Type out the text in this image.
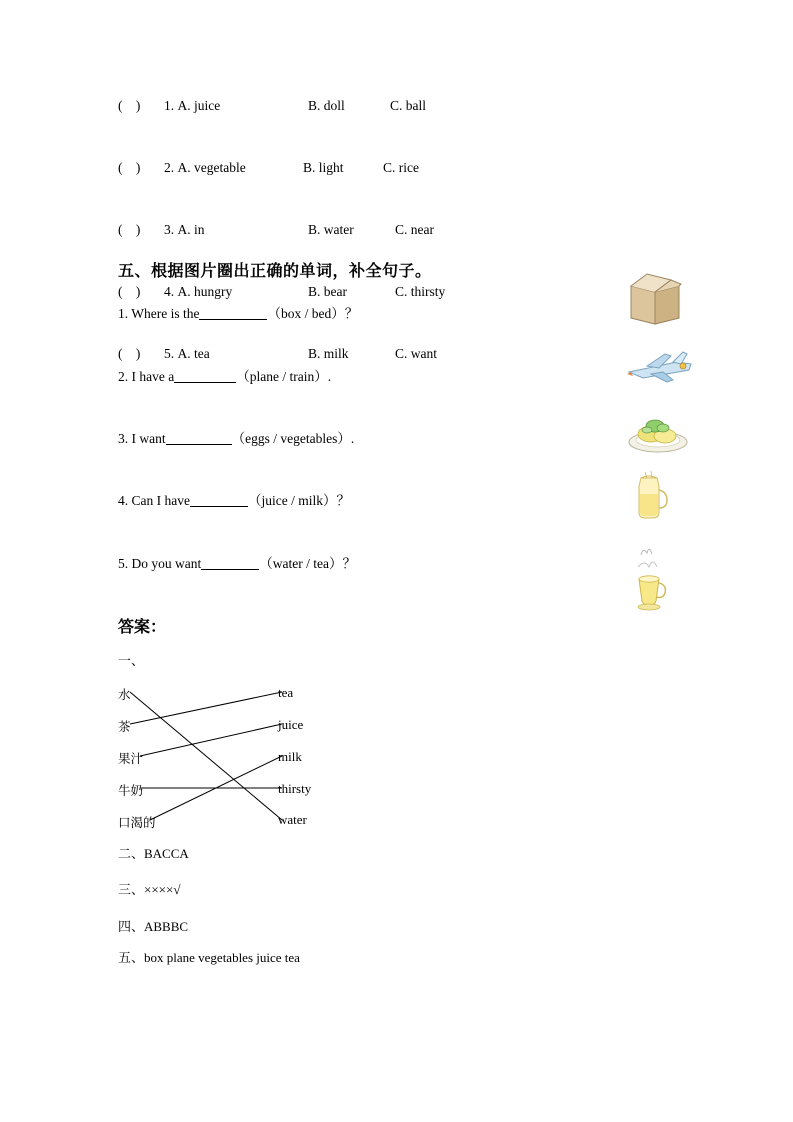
( ) 1. A. juice	B. doll	C. ball
( ) 2. A. vegetable	B. light	C. rice
( ) 3. A. in	B. water	C. near
( ) 4. A. hungry	B. bear	C. thirsty
( ) 5. A. tea	B. milk	C. want
五、根据图片圈出正确的单词，补全句子。
1. Where is the	（box / bed）？
2. I have a	（plane / train）.
3. I want	（eggs / vegetables）.
4. Can I have	（juice / milk）？
5. Do you want	（water / tea）？
答案：
一、
水
茶
果汁
牛奶
口渴的
tea
juice
milk
thirsty
water
二、BACCA
三、××××√
四、ABBBC
五、box plane vegetables juice tea
